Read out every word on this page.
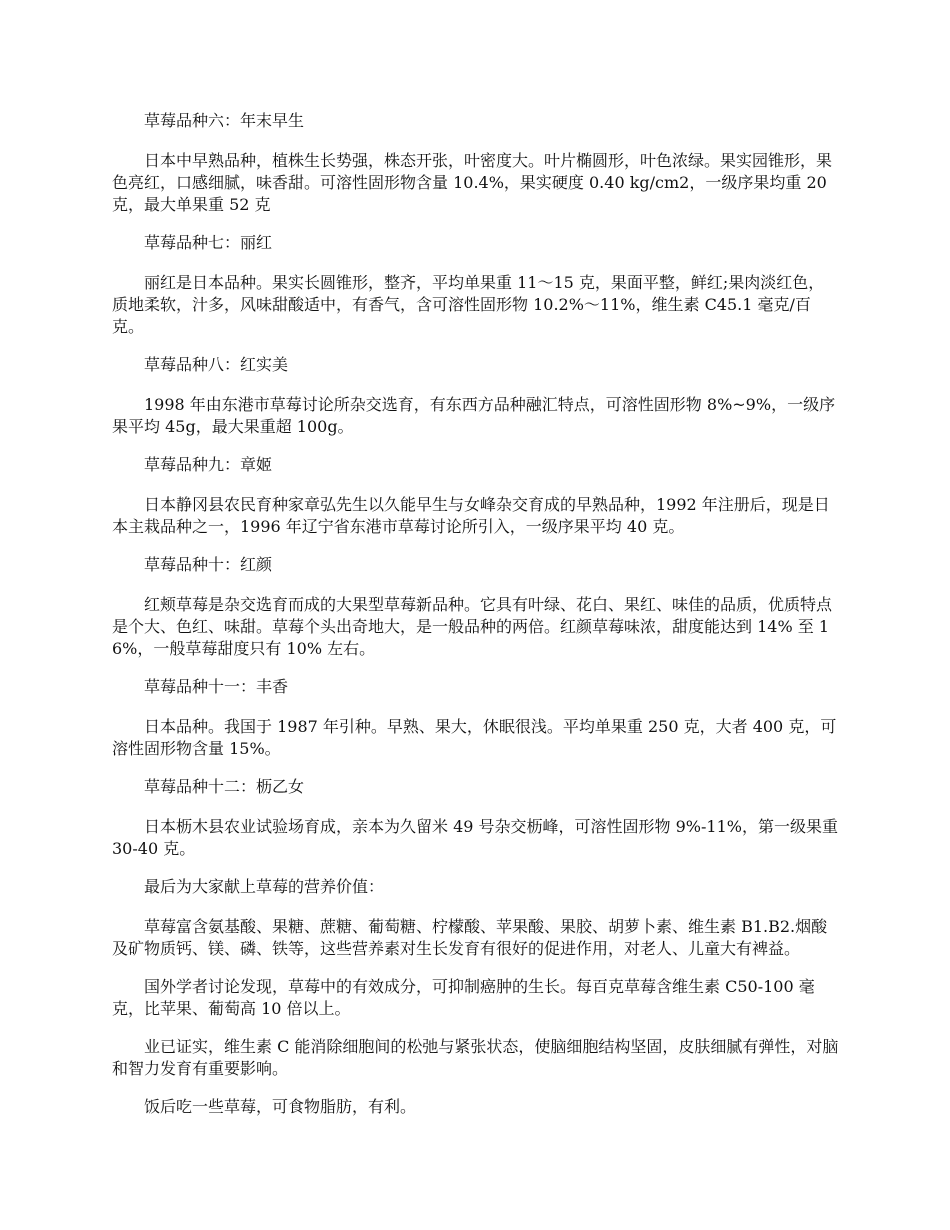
草莓品种六：年末早生

日本中早熟品种，植株生长势强，株态开张，叶密度大。叶片椭圆形，叶色浓绿。果实园锥形，果色亮红，口感细腻，味香甜。可溶性固形物含量 10.4%，果实硬度 0.40 kg/cm2，一级序果均重 20 克，最大单果重 52 克

草莓品种七：丽红

丽红是日本品种。果实长圆锥形，整齐，平均单果重 11～15 克，果面平整，鲜红;果肉淡红色，质地柔软，汁多，风味甜酸适中，有香气，含可溶性固形物 10.2%～11%，维生素 C45.1 毫克/百克。

草莓品种八：红实美

1998 年由东港市草莓讨论所杂交选育，有东西方品种融汇特点，可溶性固形物 8%~9%，一级序果平均 45g，最大果重超 100g。

草莓品种九：章姬

日本静冈县农民育种家章弘先生以久能早生与女峰杂交育成的早熟品种，1992 年注册后，现是日本主栽品种之一，1996 年辽宁省东港市草莓讨论所引入，一级序果平均 40 克。

草莓品种十：红颜

红颊草莓是杂交选育而成的大果型草莓新品种。它具有叶绿、花白、果红、味佳的品质，优质特点是个大、色红、味甜。草莓个头出奇地大，是一般品种的两倍。红颜草莓味浓，甜度能达到 14% 至 16%，一般草莓甜度只有 10% 左右。

草莓品种十一：丰香

日本品种。我国于 1987 年引种。早熟、果大，休眠很浅。平均单果重 250 克，大者 400 克，可溶性固形物含量 15%。

草莓品种十二：枥乙女

日本枥木县农业试验场育成，亲本为久留米 49 号杂交枥峰，可溶性固形物 9%-11%，第一级果重 30-40 克。

最后为大家献上草莓的营养价值：

草莓富含氨基酸、果糖、蔗糖、葡萄糖、柠檬酸、苹果酸、果胶、胡萝卜素、维生素 B1.B2.烟酸及矿物质钙、镁、磷、铁等，这些营养素对生长发育有很好的促进作用，对老人、儿童大有裨益。

国外学者讨论发现，草莓中的有效成分，可抑制癌肿的生长。每百克草莓含维生素 C50-100 毫克，比苹果、葡萄高 10 倍以上。

业已证实，维生素 C 能消除细胞间的松弛与紧张状态，使脑细胞结构坚固，皮肤细腻有弹性，对脑和智力发育有重要影响。

饭后吃一些草莓，可食物脂肪，有利。
